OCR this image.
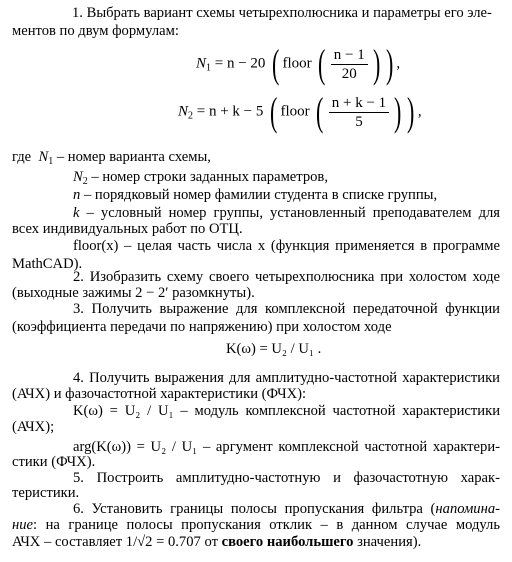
1. Выбрать вариант схемы четырехполюсника и параметры его эле-
ментов по двум формулам:
$N_1 = n - 20$ ( floor ( $\frac{n - 1}{20}$ ) ) ,
$N_2 = n + k - 5$ ( floor ( $\frac{n + k - 1}{5}$ ) ) ,
где $N_1$ – номер варианта схемы,
$N_2$ – номер строки заданных параметров,
n – порядковый номер фамилии студента в списке группы,
k – условный номер группы, установленный преподавателем для
всех индивидуальных работ по ОТЦ.
floor(x) – целая часть числа x (функция применяется в программе
MathCAD).
2. Изобразить схему своего четырехполюсника при холостом ходе
(выходные зажимы 2 − 2′ разомкнуты).
3. Получить выражение для комплексной передаточной функции
(коэффициента передачи по напряжению) при холостом ходе
K(ω) = U₂ / U₁ .
4. Получить выражения для амплитудно-частотной характеристики
(АЧХ) и фазочастотной характеристики (ФЧХ):
K(ω) = U₂ / U₁ – модуль комплексной частотной характеристики
(АЧХ);
arg(K(ω)) = U₂ / U₁ – аргумент комплексной частотной характери-
стики (ФЧХ).
5. Построить амплитудно-частотную и фазочастотную харак-
теристики.
6. Установить границы полосы пропускания фильтра (напомина-
ние: на границе полосы пропускания отклик – в данном случае модуль
АЧХ – составляет 1/√2 = 0.707 от своего наибольшего значения).
